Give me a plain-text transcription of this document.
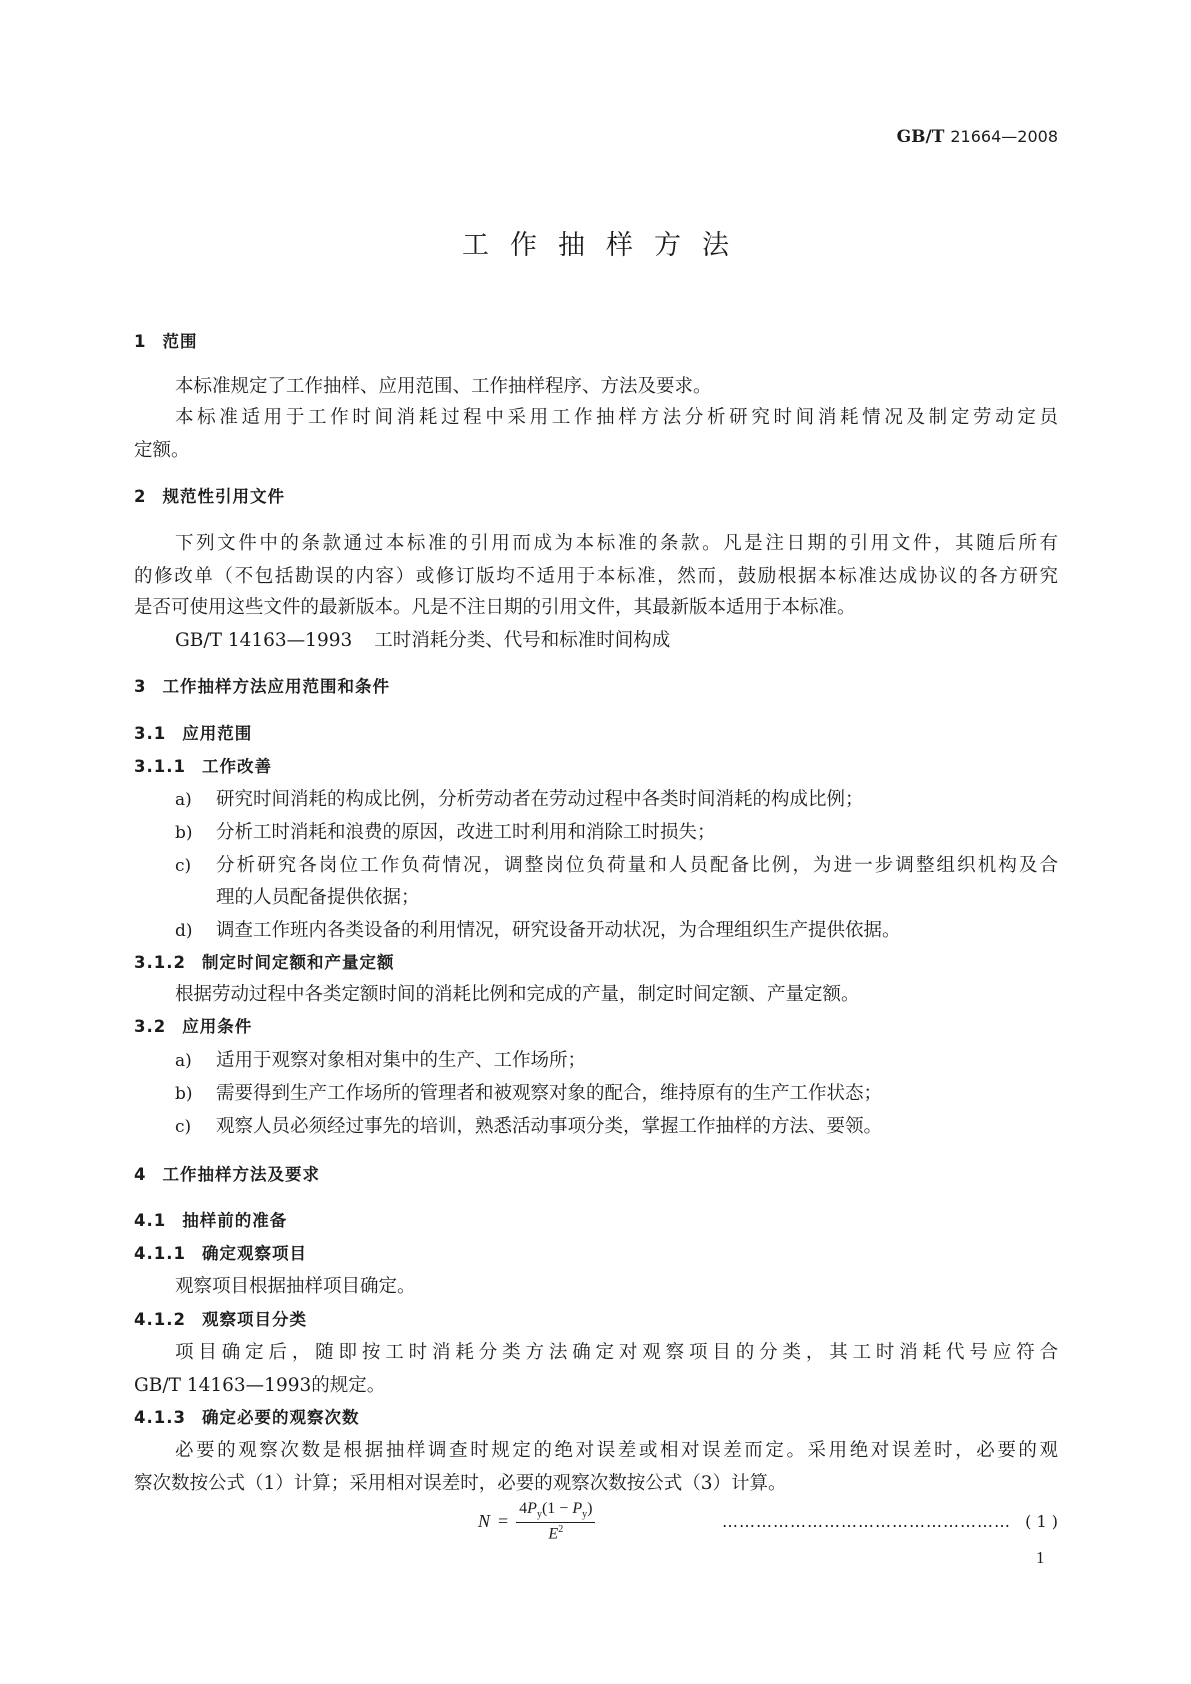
GB/T 21664—2008
工作抽样方法
1 范围
本标准规定了工作抽样、应用范围、工作抽样程序、方法及要求。
本标准适用于工作时间消耗过程中采用工作抽样方法分析研究时间消耗情况及制定劳动定员
定额。
2 规范性引用文件
下列文件中的条款通过本标准的引用而成为本标准的条款。凡是注日期的引用文件，其随后所有
的修改单（不包括勘误的内容）或修订版均不适用于本标准，然而，鼓励根据本标准达成协议的各方研究
是否可使用这些文件的最新版本。凡是不注日期的引用文件，其最新版本适用于本标准。
GB/T 14163—1993 工时消耗分类、代号和标准时间构成
3 工作抽样方法应用范围和条件
3.1 应用范围
3.1.1 工作改善
a) 研究时间消耗的构成比例，分析劳动者在劳动过程中各类时间消耗的构成比例；
b) 分析工时消耗和浪费的原因，改进工时利用和消除工时损失；
c) 分析研究各岗位工作负荷情况，调整岗位负荷量和人员配备比例，为进一步调整组织机构及合
理的人员配备提供依据；
d) 调查工作班内各类设备的利用情况，研究设备开动状况，为合理组织生产提供依据。
3.1.2 制定时间定额和产量定额
根据劳动过程中各类定额时间的消耗比例和完成的产量，制定时间定额、产量定额。
3.2 应用条件
a) 适用于观察对象相对集中的生产、工作场所；
b) 需要得到生产工作场所的管理者和被观察对象的配合，维持原有的生产工作状态；
c) 观察人员必须经过事先的培训，熟悉活动事项分类，掌握工作抽样的方法、要领。
4 工作抽样方法及要求
4.1 抽样前的准备
4.1.1 确定观察项目
观察项目根据抽样项目确定。
4.1.2 观察项目分类
项目确定后，随即按工时消耗分类方法确定对观察项目的分类，其工时消耗代号应符合
GB/T 14163—1993的规定。
4.1.3 确定必要的观察次数
必要的观察次数是根据抽样调查时规定的绝对误差或相对误差而定。采用绝对误差时，必要的观
察次数按公式（1）计算；采用相对误差时，必要的观察次数按公式（3）计算。
$N = \frac{4P_y(1 - P_y)}{E^2}$	…………………………………………… ( 1 )
1
